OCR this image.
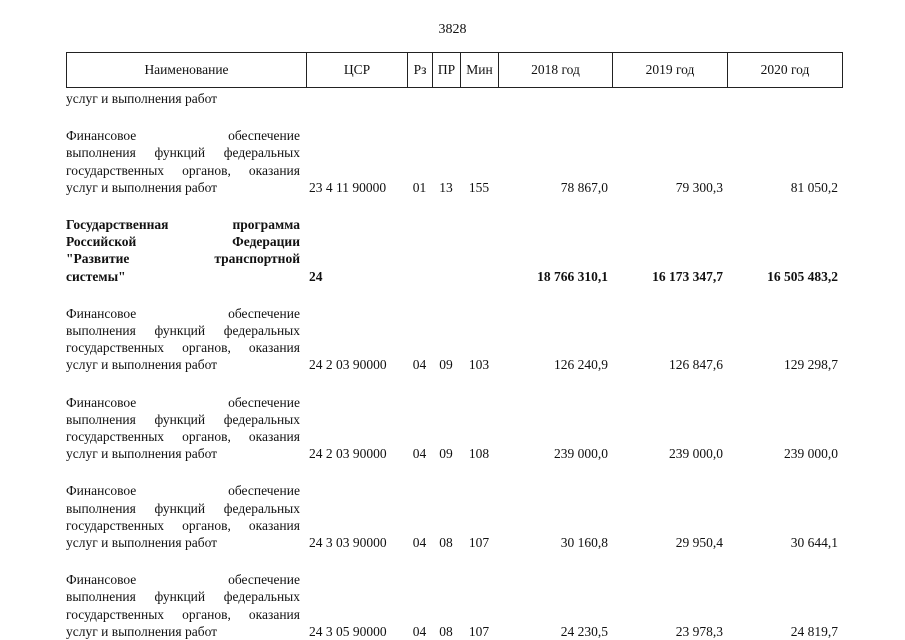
3828
Наименование	ЦСР	Рз	ПР	Мин	2018 год	2019 год	2020 год
услуг и выполнения работ							

Финансовое обеспечение
выполнения функций федеральных
государственных органов, оказания
услуг и выполнения работ	23 4 11 90000	01	13	155	78 867,0	79 300,3	81 050,2

Государственная программа
Российской Федерации
"Развитие транспортной
системы"	24				18 766 310,1	16 173 347,7	16 505 483,2

Финансовое обеспечение
выполнения функций федеральных
государственных органов, оказания
услуг и выполнения работ	24 2 03 90000	04	09	103	126 240,9	126 847,6	129 298,7

Финансовое обеспечение
выполнения функций федеральных
государственных органов, оказания
услуг и выполнения работ	24 2 03 90000	04	09	108	239 000,0	239 000,0	239 000,0

Финансовое обеспечение
выполнения функций федеральных
государственных органов, оказания
услуг и выполнения работ	24 3 03 90000	04	08	107	30 160,8	29 950,4	30 644,1

Финансовое обеспечение
выполнения функций федеральных
государственных органов, оказания
услуг и выполнения работ	24 3 05 90000	04	08	107	24 230,5	23 978,3	24 819,7
